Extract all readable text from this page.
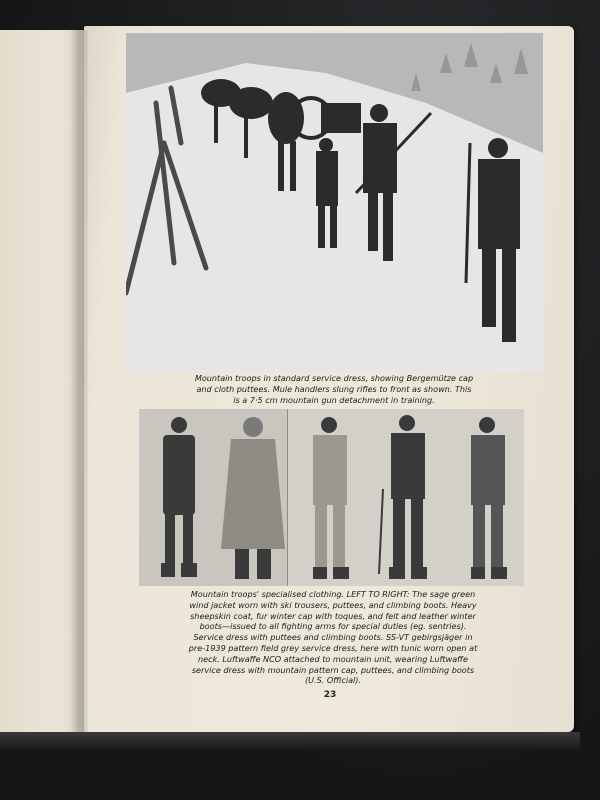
Mountain troops in standard service dress, showing Bergemütze cap
and cloth puttees. Mule handlers slung rifles to front as shown. This
is a 7·5 cm mountain gun detachment in training.
Mountain troops' specialised clothing. LEFT TO RIGHT: The sage green
wind jacket worn with ski trousers, puttees, and climbing boots. Heavy
sheepskin coat, fur winter cap with toques, and felt and leather winter
boots—issued to all fighting arms for special duties (eg. sentries).
Service dress with puttees and climbing boots. SS-VT gebirgsjäger in
pre-1939 pattern field grey service dress, here with tunic worn open at
neck. Luftwaffe NCO attached to mountain unit, wearing Luftwaffe
service dress with mountain pattern cap, puttees, and climbing boots
(U.S. Official).
23
